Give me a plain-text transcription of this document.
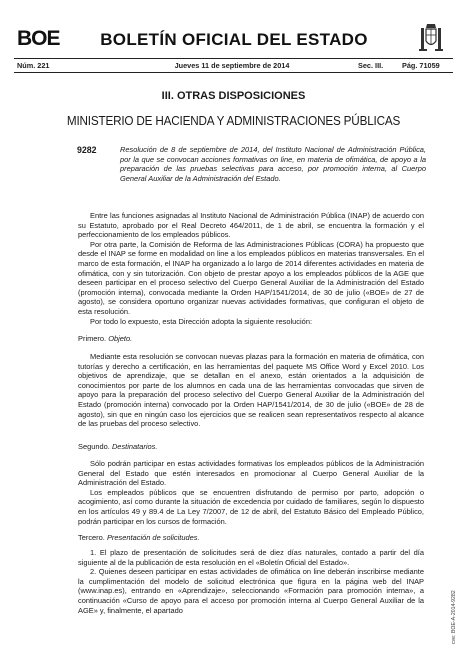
BOE	BOLETÍN OFICIAL DEL ESTADO
Núm. 221	Jueves 11 de septiembre de 2014	Sec. III.	Pág. 71059
III. OTRAS DISPOSICIONES
MINISTERIO DE HACIENDA Y ADMINISTRACIONES PÚBLICAS
9282	Resolución de 8 de septiembre de 2014, del Instituto Nacional de Administración Pública, por la que se convocan acciones formativas on line, en materia de ofimática, de apoyo a la preparación de las pruebas selectivas para acceso, por promoción interna, al Cuerpo General Auxiliar de la Administración del Estado.

Entre las funciones asignadas al Instituto Nacional de Administración Pública (INAP) de acuerdo con su Estatuto, aprobado por el Real Decreto 464/2011, de 1 de abril, se encuentra la formación y el perfeccionamiento de los empleados públicos.

Por otra parte, la Comisión de Reforma de las Administraciones Públicas (CORA) ha propuesto que desde el INAP se forme en modalidad on line a los empleados públicos en materias transversales. En el marco de esta formación, el INAP ha organizado a lo largo de 2014 diferentes actividades en materia de ofimática, con y sin tutorización. Con objeto de prestar apoyo a los empleados públicos de la AGE que deseen participar en el proceso selectivo del Cuerpo General Auxiliar de la Administración del Estado (promoción interna), convocada mediante la Orden HAP/1541/2014, de 30 de julio («BOE» de 27 de agosto), se considera oportuno organizar nuevas actividades formativas, que configuran el objeto de esta resolución.

Por todo lo expuesto, esta Dirección adopta la siguiente resolución:

Primero. Objeto.

Mediante esta resolución se convocan nuevas plazas para la formación en materia de ofimática, con tutorías y derecho a certificación, en las herramientas del paquete MS Office Word y Excel 2010. Los objetivos de aprendizaje, que se detallan en el anexo, están orientados a la adquisición de conocimientos por parte de los alumnos en cada una de las herramientas convocadas que sirven de apoyo para la preparación del proceso selectivo del Cuerpo General Auxiliar de la Administración del Estado (promoción interna) convocado por la Orden HAP/1541/2014, de 30 de julio («BOE» de 28 de agosto), sin que en ningún caso los ejercicios que se realicen sean representativos respecto al alcance de las pruebas del proceso selectivo.

Segundo. Destinatarios.

Sólo podrán participar en estas actividades formativas los empleados públicos de la Administración General del Estado que estén interesados en promocionar al Cuerpo General Auxiliar de la Administración del Estado.

Los empleados públicos que se encuentren disfrutando de permiso por parto, adopción o acogimiento, así como durante la situación de excedencia por cuidado de familiares, según lo dispuesto en los artículos 49 y 89.4 de La Ley 7/2007, de 12 de abril, del Estatuto Básico del Empleado Público, podrán participar en los cursos de formación.

Tercero. Presentación de solicitudes.

1. El plazo de presentación de solicitudes será de diez días naturales, contado a partir del día siguiente al de la publicación de esta resolución en el «Boletín Oficial del Estado».

2. Quienes deseen participar en estas actividades de ofimática on line deberán inscribirse mediante la cumplimentación del modelo de solicitud electrónica que figura en la página web del INAP (www.inap.es), entrando en «Aprendizaje», seleccionando «Formación para promoción interna», a continuación «Curso de apoyo para el acceso por promoción interna al Cuerpo General Auxiliar de la AGE» y, finalmente, el apartado	cve: BOE-A-2014-9282
